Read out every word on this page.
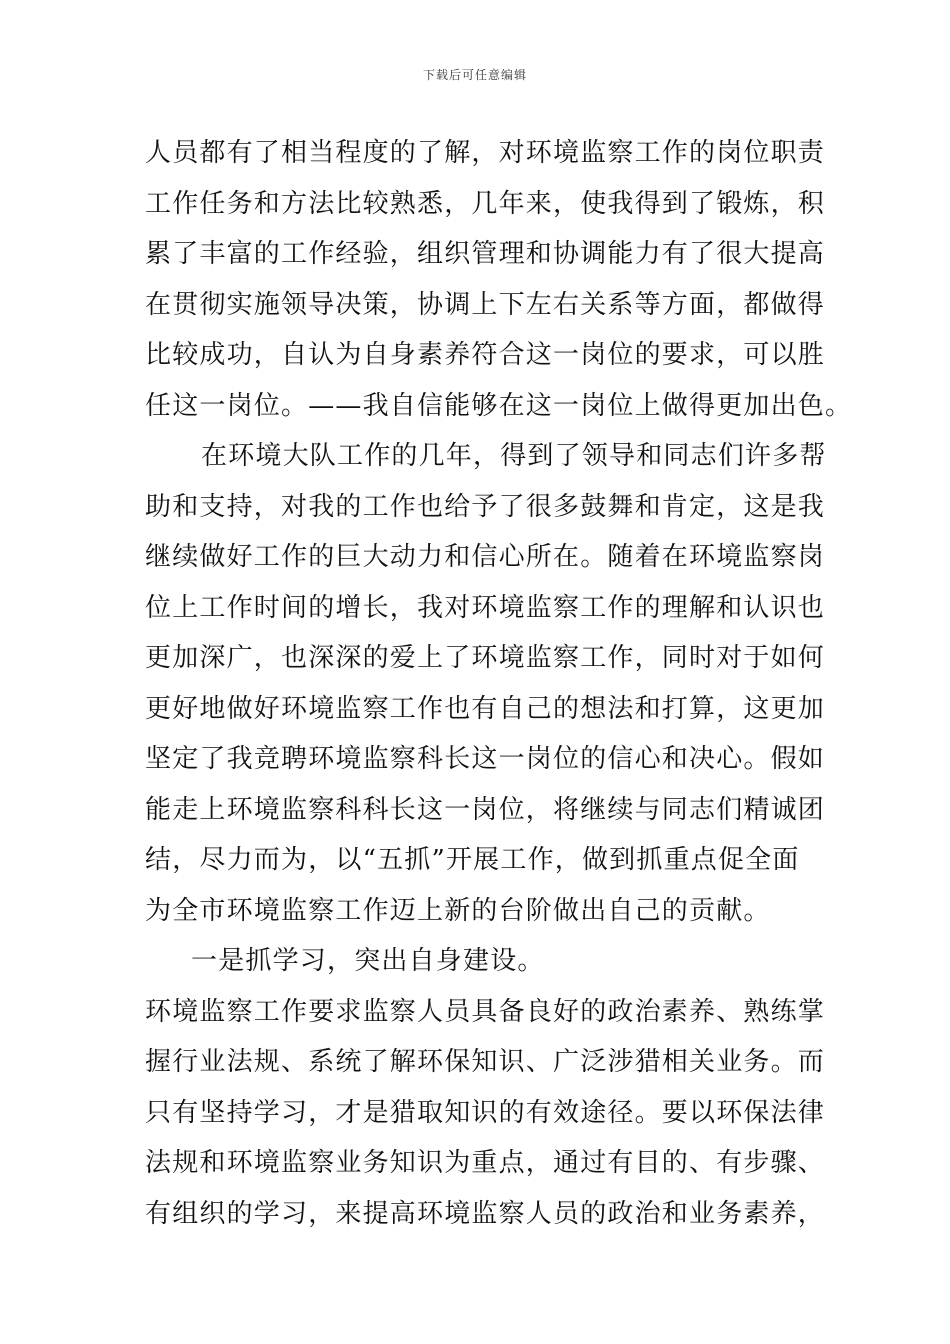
下载后可任意编辑
人员都有了相当程度的了解，对环境监察工作的岗位职责
工作任务和方法比较熟悉，几年来，使我得到了锻炼，积
累了丰富的工作经验，组织管理和协调能力有了很大提高
在贯彻实施领导决策，协调上下左右关系等方面，都做得
比较成功，自认为自身素养符合这一岗位的要求，可以胜
任这一岗位。——我自信能够在这一岗位上做得更加出色。
在环境大队工作的几年，得到了领导和同志们许多帮
助和支持，对我的工作也给予了很多鼓舞和肯定，这是我
继续做好工作的巨大动力和信心所在。随着在环境监察岗
位上工作时间的增长，我对环境监察工作的理解和认识也
更加深广，也深深的爱上了环境监察工作，同时对于如何
更好地做好环境监察工作也有自己的想法和打算，这更加
坚定了我竞聘环境监察科长这一岗位的信心和决心。假如
能走上环境监察科科长这一岗位，将继续与同志们精诚团
结，尽力而为，以“五抓”开展工作，做到抓重点促全面
为全市环境监察工作迈上新的台阶做出自己的贡献。
一是抓学习，突出自身建设。
环境监察工作要求监察人员具备良好的政治素养、熟练掌
握行业法规、系统了解环保知识、广泛涉猎相关业务。而
只有坚持学习，才是猎取知识的有效途径。要以环保法律
法规和环境监察业务知识为重点，通过有目的、有步骤、
有组织的学习，来提高环境监察人员的政治和业务素养，
